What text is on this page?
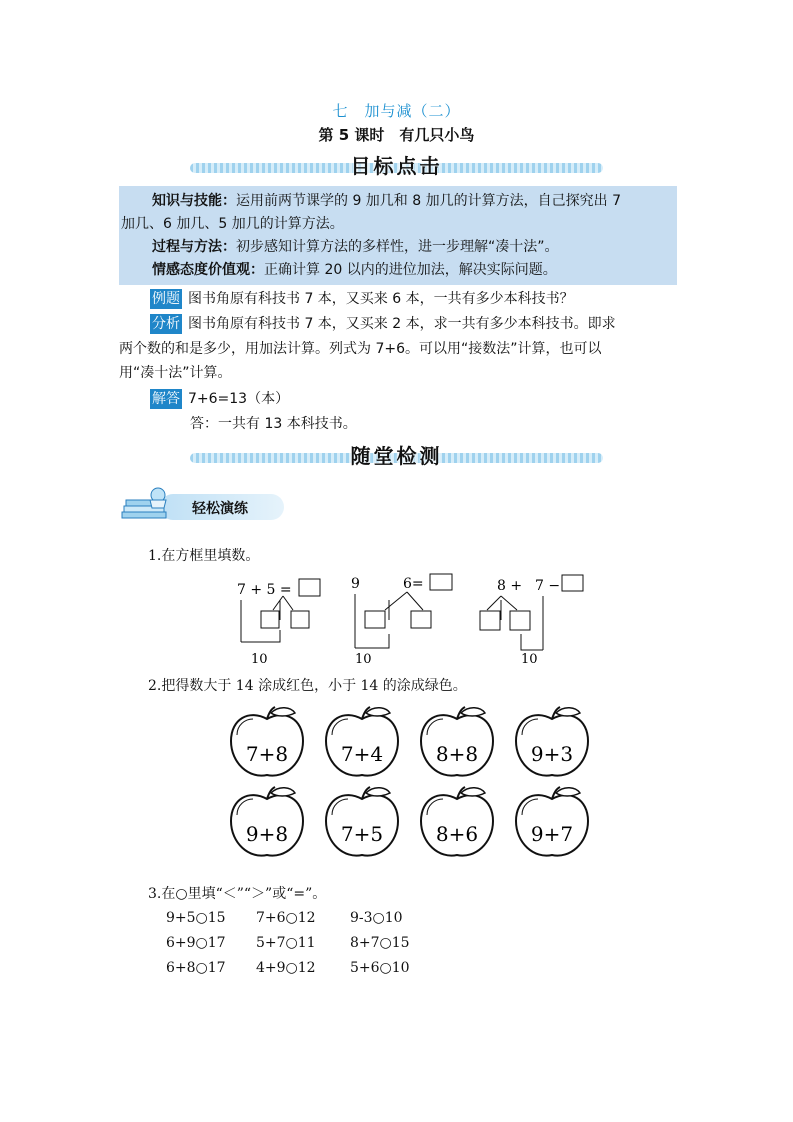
七　加与减（二）
第 5 课时　有几只小鸟
目标点击

知识与技能：运用前两节课学的 9 加几和 8 加几的计算方法，自己探究出 7

加几、6 加几、5 加几的计算方法。

过程与方法：初步感知计算方法的多样性，进一步理解“凑十法”。

情感态度价值观：正确计算 20 以内的进位加法，解决实际问题。

例题 图书角原有科技书 7 本，又买来 6 本，一共有多少本科技书？
分析 图书角原有科技书 7 本，又买来 2 本，求一共有多少本科技书。即求
两个数的和是多少，用加法计算。列式为 7+6。可以用“接数法”计算，也可以
用“凑十法”计算。
解答 7+6=13（本）
答：一共有 13 本科技书。
随堂检测
轻松演练
1.在方框里填数。
7 + 5 =
10
9	6=
10
8 + 7 −
10
2.把得数大于 14 涂成红色，小于 14 的涂成绿色。
7+8	7+4	8+8	9+3
9+8	7+5	8+6	9+7
3.在○里填“＜”“＞”或“=”。
9+5○15 7+6○12 9-3○10
6+9○17 5+7○11 8+7○15
6+8○17 4+9○12 5+6○10
